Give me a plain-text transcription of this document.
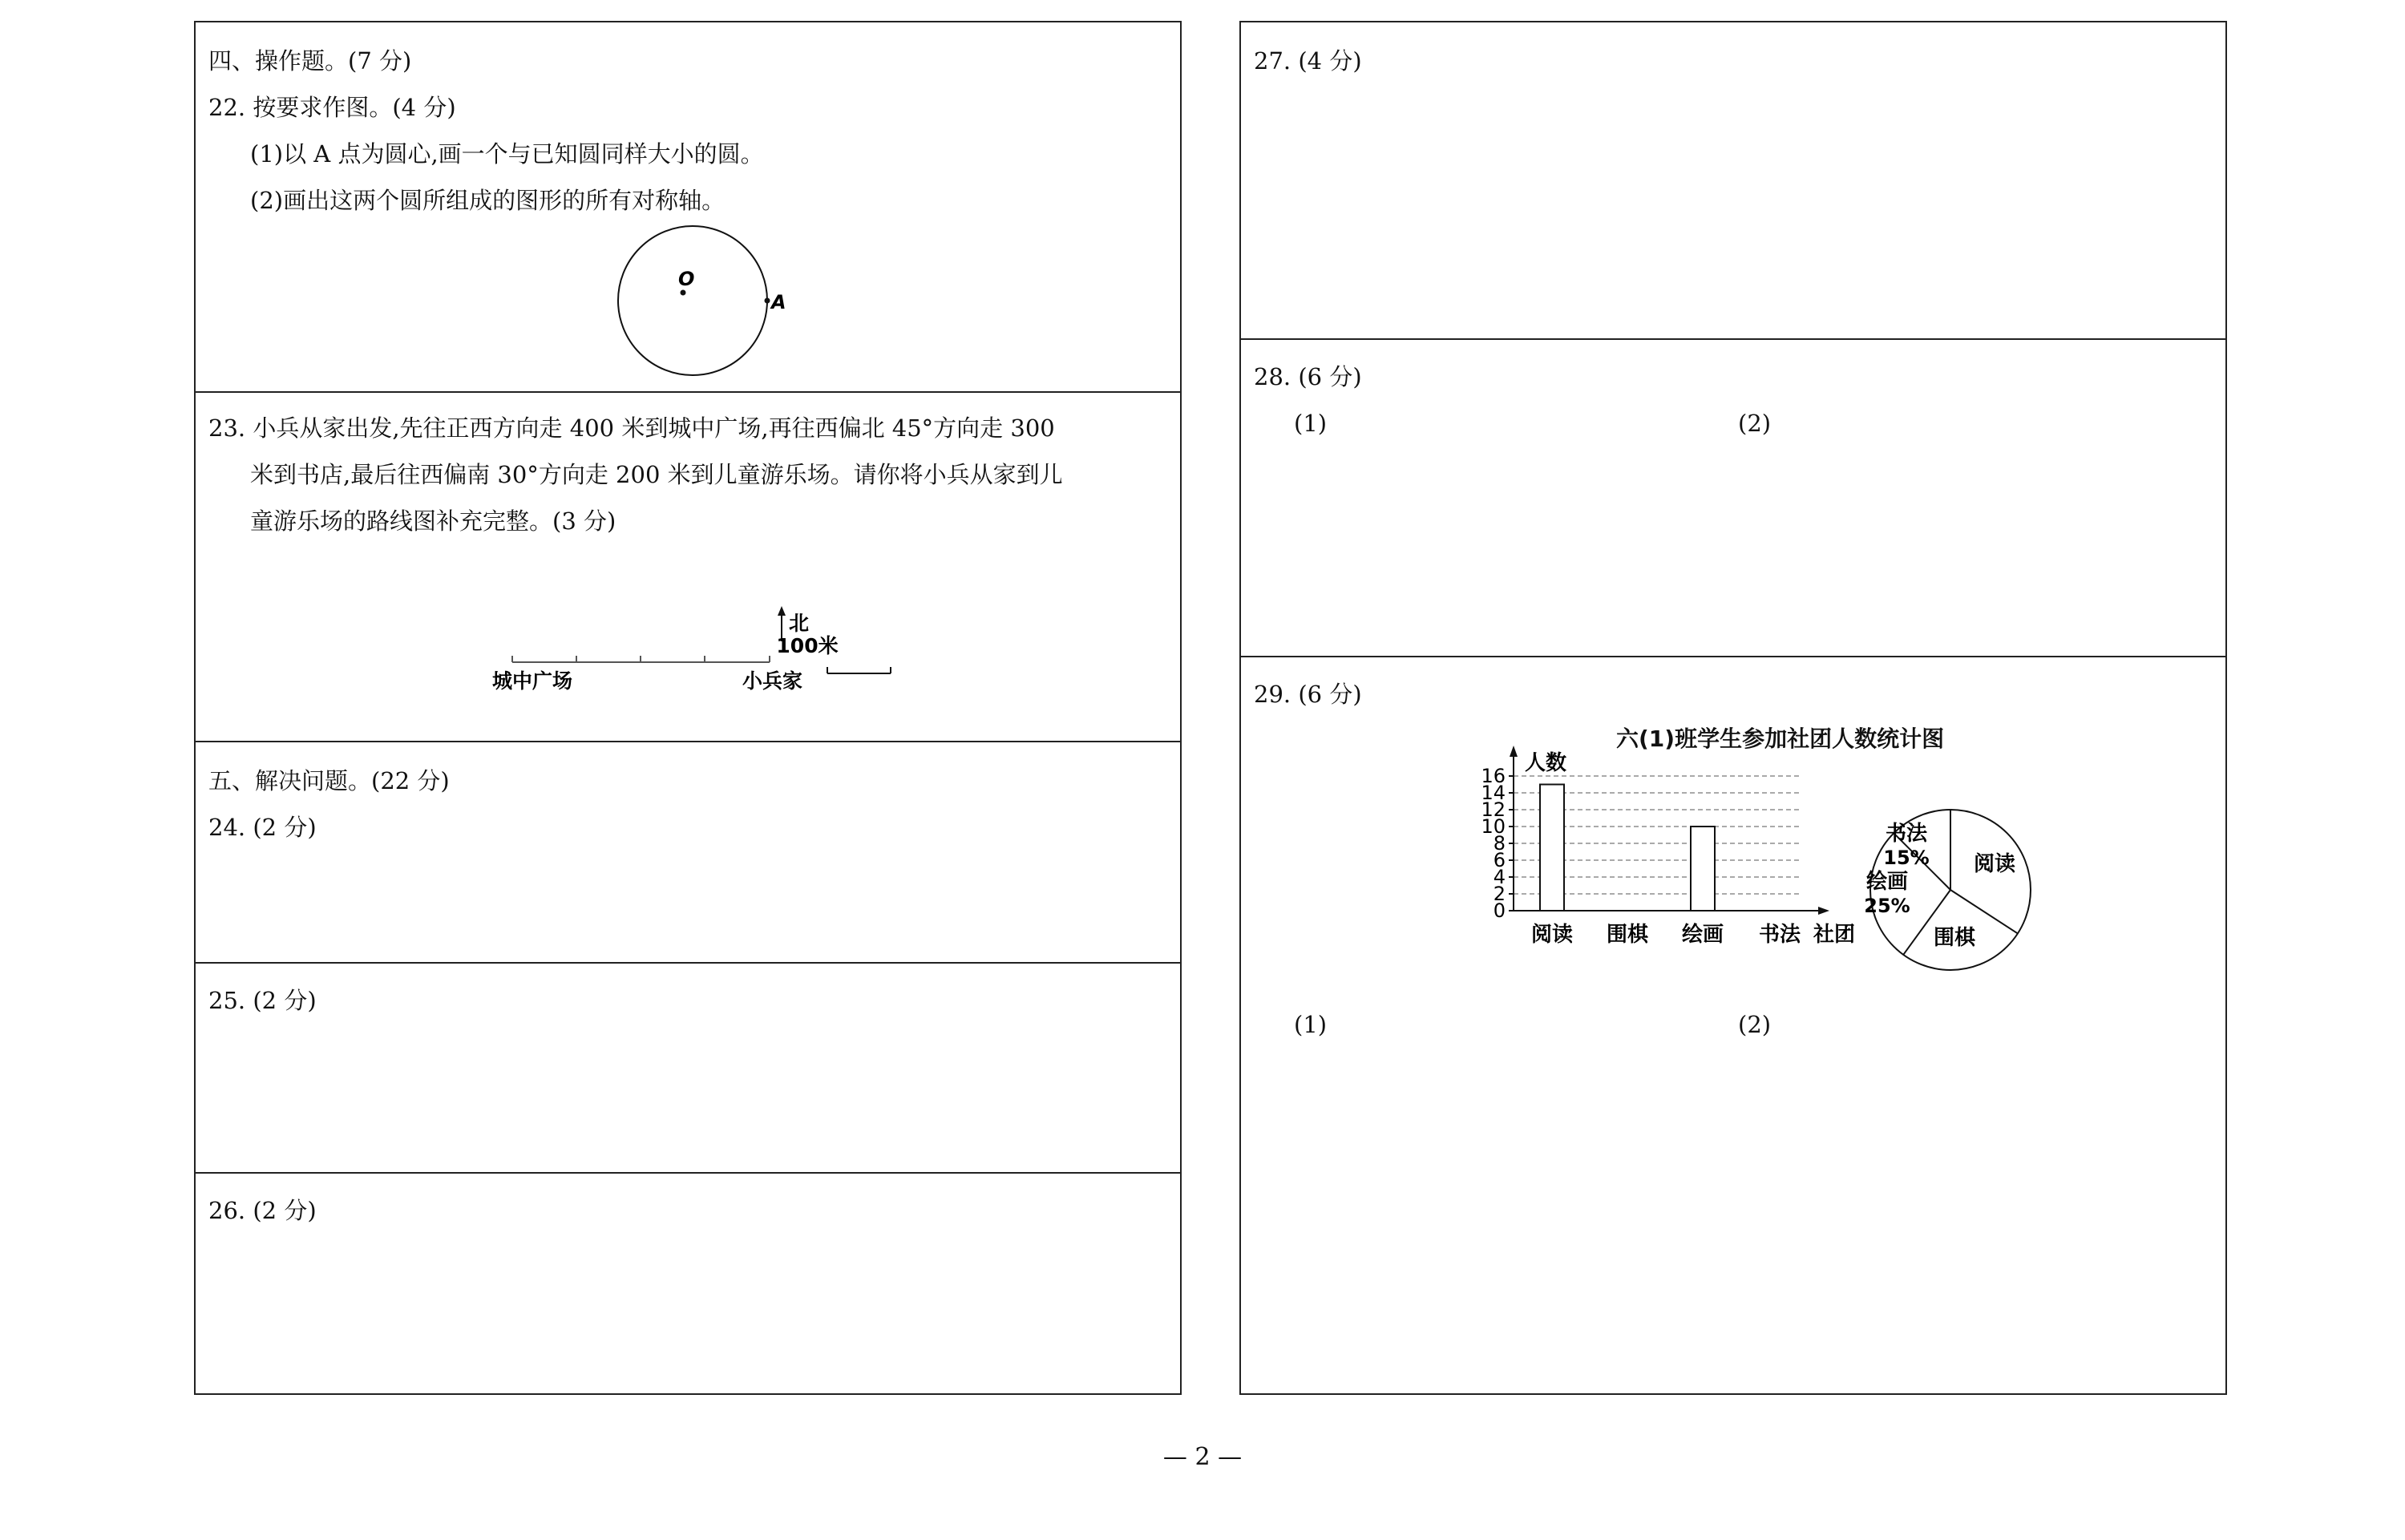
四、操作题。(7 分)
22. 按要求作图。(4 分)
(1)以 A 点为圆心,画一个与已知圆同样大小的圆。
(2)画出这两个圆所组成的图形的所有对称轴。
O
A
23. 小兵从家出发,先往正西方向走 400 米到城中广场,再往西偏北 45°方向走 300
米到书店,最后往西偏南 30°方向走 200 米到儿童游乐场。请你将小兵从家到儿
童游乐场的路线图补充完整。(3 分)
北
100米
城中广场	小兵家
五、解决问题。(22 分)
24. (2 分)
25. (2 分)
26. (2 分)
27. (4 分)
28. (6 分)
(1)	(2)
29. (6 分)
六(1)班学生参加社团人数统计图
0
2
4
6
8
10
12
14
16
人数
社团
阅读 围棋 绘画 书法
书法
15% 阅读
围棋
绘画
25%
(1)	(2)
— 2 —
